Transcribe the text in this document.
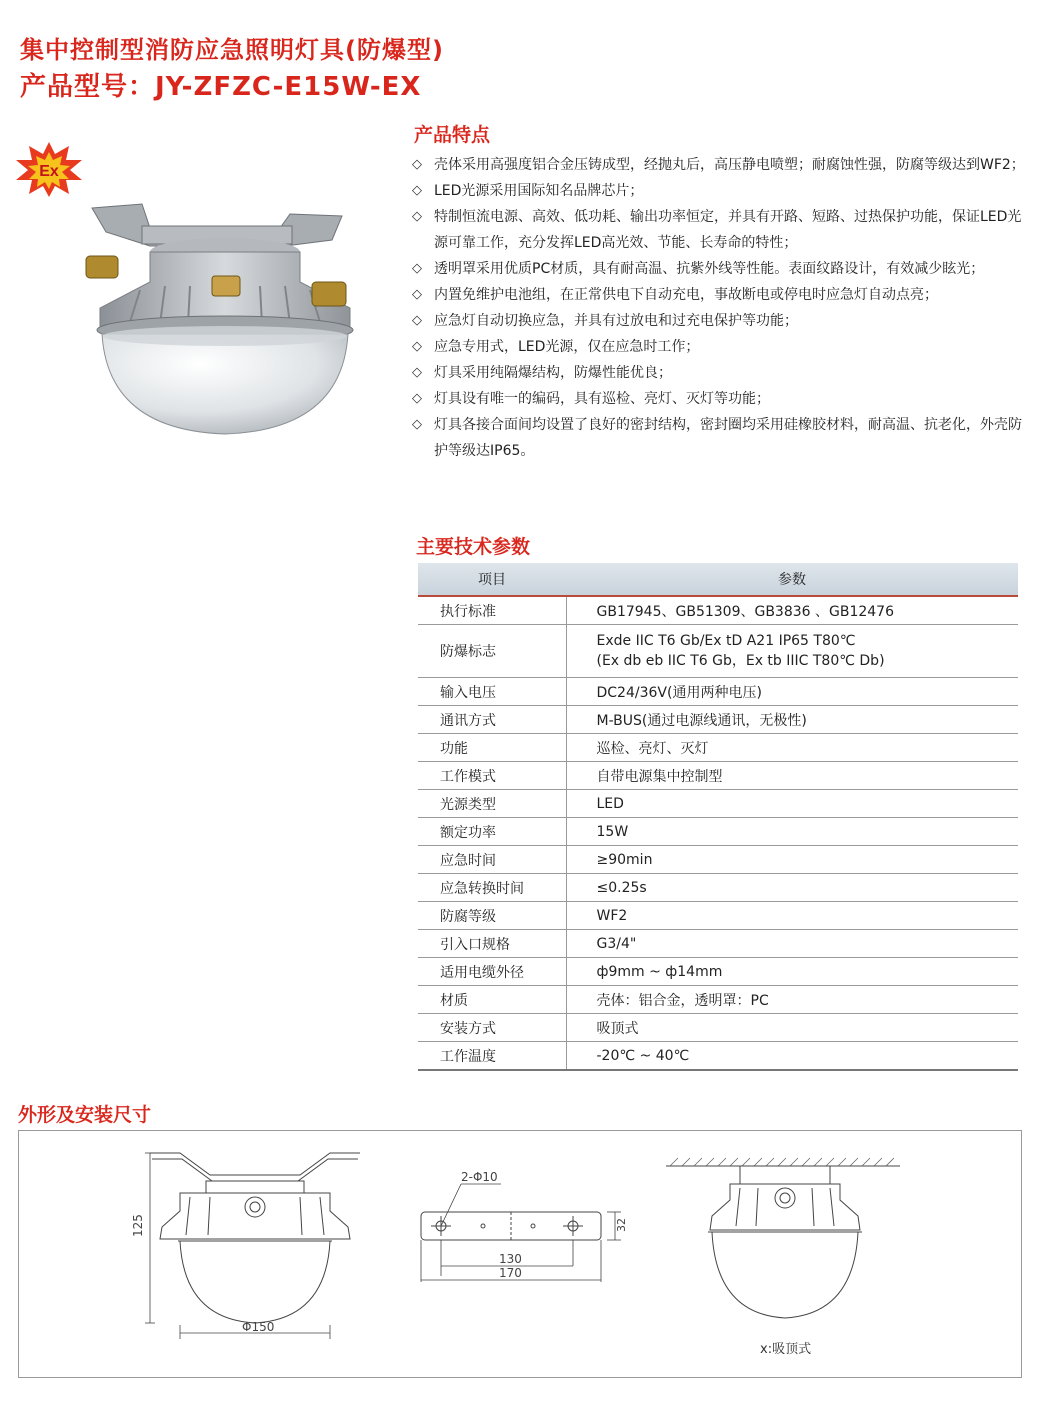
集中控制型消防应急照明灯具(防爆型)
产品型号：JY-ZFZC-E15W-EX
Ex
产品特点
◇ 壳体采用高强度铝合金压铸成型，经抛丸后，高压静电喷塑；耐腐蚀性强，防腐等级达到WF2；
◇ LED光源采用国际知名品牌芯片；
◇ 特制恒流电源、高效、低功耗、输出功率恒定，并具有开路、短路、过热保护功能，保证LED光源可靠工作，充分发挥LED高光效、节能、长寿命的特性；
◇ 透明罩采用优质PC材质，具有耐高温、抗紫外线等性能。表面纹路设计，有效减少眩光；
◇ 内置免维护电池组，在正常供电下自动充电，事故断电或停电时应急灯自动点亮；
◇ 应急灯自动切换应急，并具有过放电和过充电保护等功能；
◇ 应急专用式，LED光源，仅在应急时工作；
◇ 灯具采用纯隔爆结构，防爆性能优良；
◇ 灯具设有唯一的编码，具有巡检、亮灯、灭灯等功能；
◇ 灯具各接合面间均设置了良好的密封结构，密封圈均采用硅橡胶材料，耐高温、抗老化，外壳防护等级达IP65。
主要技术参数
项目	参数
执行标准	GB17945、GB51309、GB3836 、GB12476
防爆标志	Exde IIC T6 Gb/Ex tD A21 IP65 T80℃
(Ex db eb IIC T6 Gb，Ex tb IIIC T80℃ Db)

输入电压	DC24/36V(通用两种电压)
通讯方式	M-BUS(通过电源线通讯，无极性)
功能	巡检、亮灯、灭灯
工作模式	自带电源集中控制型
光源类型	LED
额定功率	15W
应急时间	≥90min
应急转换时间	≤0.25s
防腐等级	WF2
引入口规格	G3/4"
适用电缆外径	ф9mm ~ ф14mm
材质	壳体：铝合金，透明罩：PC
安装方式	吸顶式
工作温度	-20℃ ~ 40℃
外形及安装尺寸
125
Φ150
2-Φ10
130
170
32
x:吸顶式
